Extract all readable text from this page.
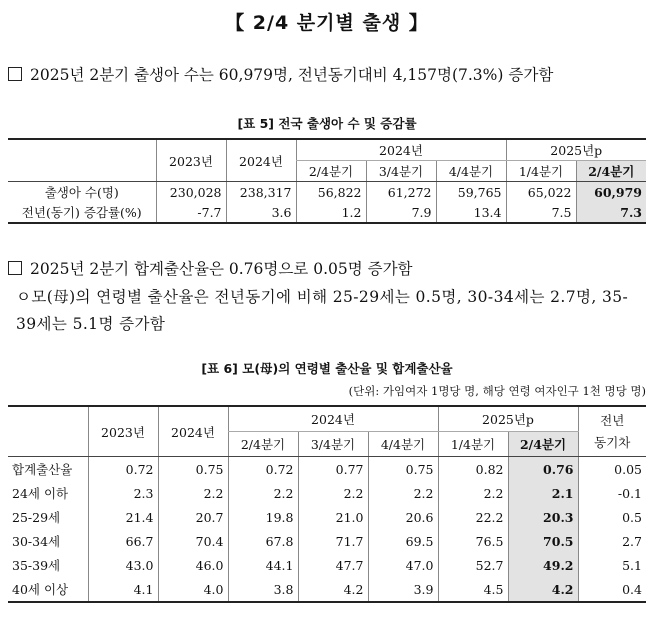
【 2/4 분기별 출생 】
2025년 2분기 출생아 수는 60,979명, 전년동기대비 4,157명(7.3%) 증가함
[표 5] 전국 출생아 수 및 증감률
	2023년	2024년	2024년			2025년p	
			2/4분기	3/4분기	4/4분기	1/4분기	2/4분기
출생아 수(명)	230,028	238,317	56,822	61,272	59,765	65,022	60,979
전년(동기) 증감률(%)	-7.7	3.6	1.2	7.9	13.4	7.5	7.3
2025년 2분기 합계출산율은 0.76명으로 0.05명 증가함
ㅇ모(母)의 연령별 출산율은 전년동기에 비해 25-29세는 0.5명, 30-34세는 2.7명, 35-39세는 5.1명 증가함
[표 6] 모(母)의 연령별 출산율 및 합계출산율
(단위: 가임여자 1명당 명, 해당 연령 여자인구 1천 명당 명)
	2023년	2024년	2024년			2025년p		전년
동기차
			2/4분기	3/4분기	4/4분기	1/4분기	2/4분기	
합계출산율	0.72	0.75	0.72	0.77	0.75	0.82	0.76	0.05
24세 이하	2.3	2.2	2.2	2.2	2.2	2.2	2.1	-0.1
25-29세	21.4	20.7	19.8	21.0	20.6	22.2	20.3	0.5
30-34세	66.7	70.4	67.8	71.7	69.5	76.5	70.5	2.7
35-39세	43.0	46.0	44.1	47.7	47.0	52.7	49.2	5.1
40세 이상	4.1	4.0	3.8	4.2	3.9	4.5	4.2	0.4
